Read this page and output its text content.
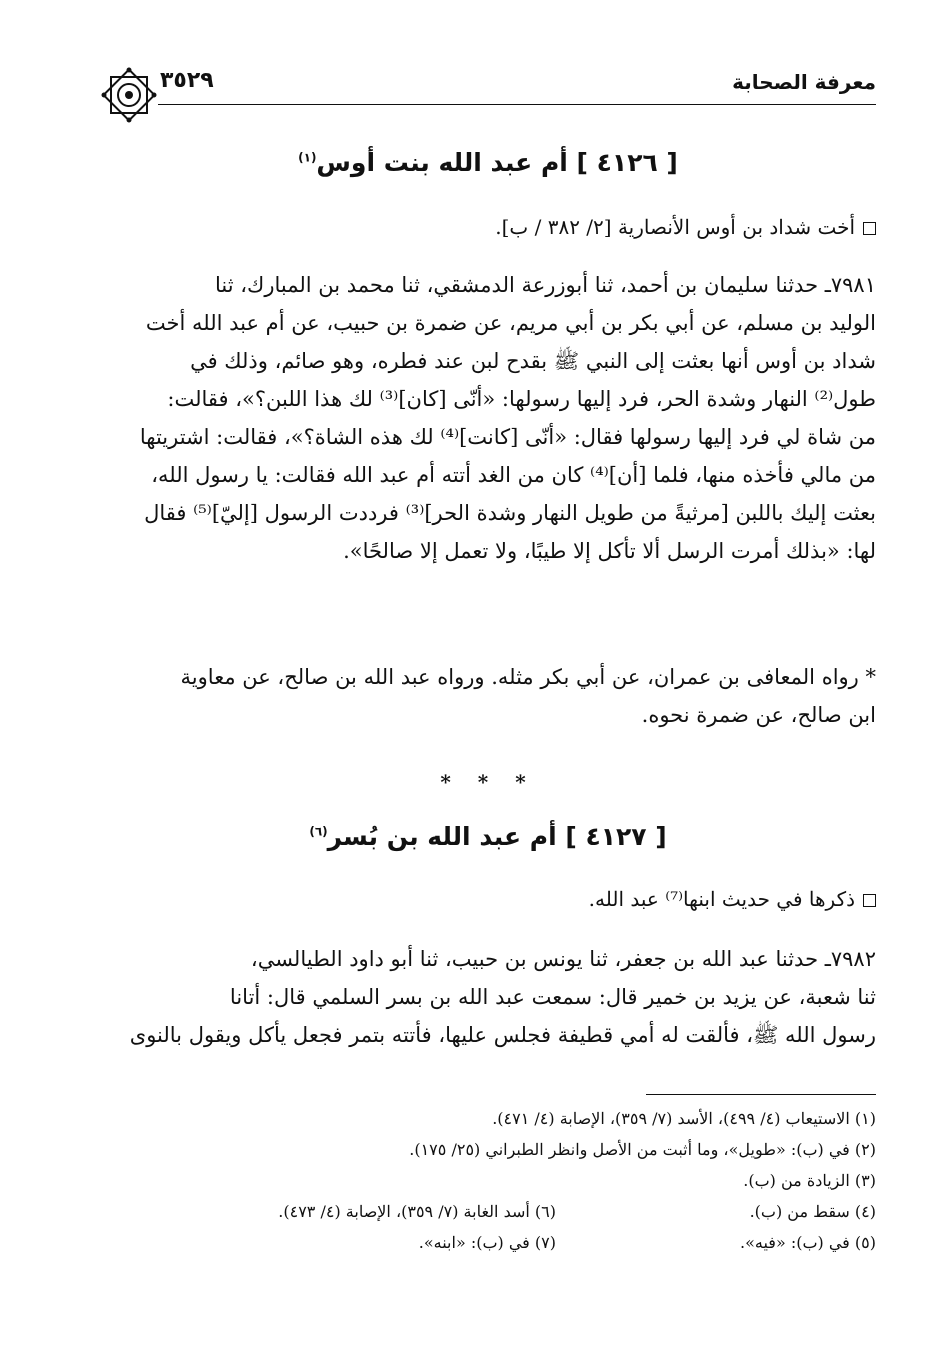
٣٥٢٩	معرفة الصحابة
[ ٤١٢٦ ] أم عبد الله بنت أوس$^{(١)}$
أخت شداد بن أوس الأنصارية [٢/ ٣٨٢ / ب].
٧٩٨١ـ حدثنا سليمان بن أحمد، ثنا أبوزرعة الدمشقي، ثنا محمد بن المبارك، ثنا
الوليد بن مسلم، عن أبي بكر بن أبي مريم، عن ضمرة بن حبيب، عن أم عبد الله أخت
شداد بن أوس أنها بعثت إلى النبي ﷺ بقدح لبن عند فطره، وهو صائم، وذلك في
طول⁽²⁾ النهار وشدة الحر، فرد إليها رسولها: «أنّى [كان]⁽³⁾ لك هذا اللبن؟»، فقالت:
من شاة لي فرد إليها رسولها فقال: «أنّى [كانت]⁽⁴⁾ لك هذه الشاة؟»، فقالت: اشتريتها
من مالي فأخذه منها، فلما [أن]⁽⁴⁾ كان من الغد أتته أم عبد الله فقالت: يا رسول الله،
بعثت إليك باللبن [مرثيةً من طويل النهار وشدة الحر]⁽³⁾ فرددت الرسول [إليّ]⁽⁵⁾ فقال
لها: «بذلك أمرت الرسل ألا تأكل إلا طيبًا، ولا تعمل إلا صالحًا».
* رواه المعافى بن عمران، عن أبي بكر مثله. ورواه عبد الله بن صالح، عن معاوية
ابن صالح، عن ضمرة نحوه.
* * *
[ ٤١٢٧ ] أم عبد الله بن بُسر$^{(٦)}$
ذكرها في حديث ابنها⁽⁷⁾ عبد الله.
٧٩٨٢ـ حدثنا عبد الله بن جعفر، ثنا يونس بن حبيب، ثنا أبو داود الطيالسي،
ثنا شعبة، عن يزيد بن خمير قال: سمعت عبد الله بن بسر السلمي قال: أتانا
رسول الله ﷺ، فألقت له أمي قطيفة فجلس عليها، فأتته بتمر فجعل يأكل ويقول بالنوى
(١) الاستيعاب (٤/ ٤٩٩)، الأسد (٧/ ٣٥٩)، الإصابة (٤/ ٤٧١).
(٢) في (ب): «طويل»، وما أثبت من الأصل وانظر الطبراني (٢٥/ ١٧٥).
(٣) الزيادة من (ب).
(٤) سقط من (ب).
(٦) أسد الغابة (٧/ ٣٥٩)، الإصابة (٤/ ٤٧٣).
(٥) في (ب): «فيه».
(٧) في (ب): «ابنه».
